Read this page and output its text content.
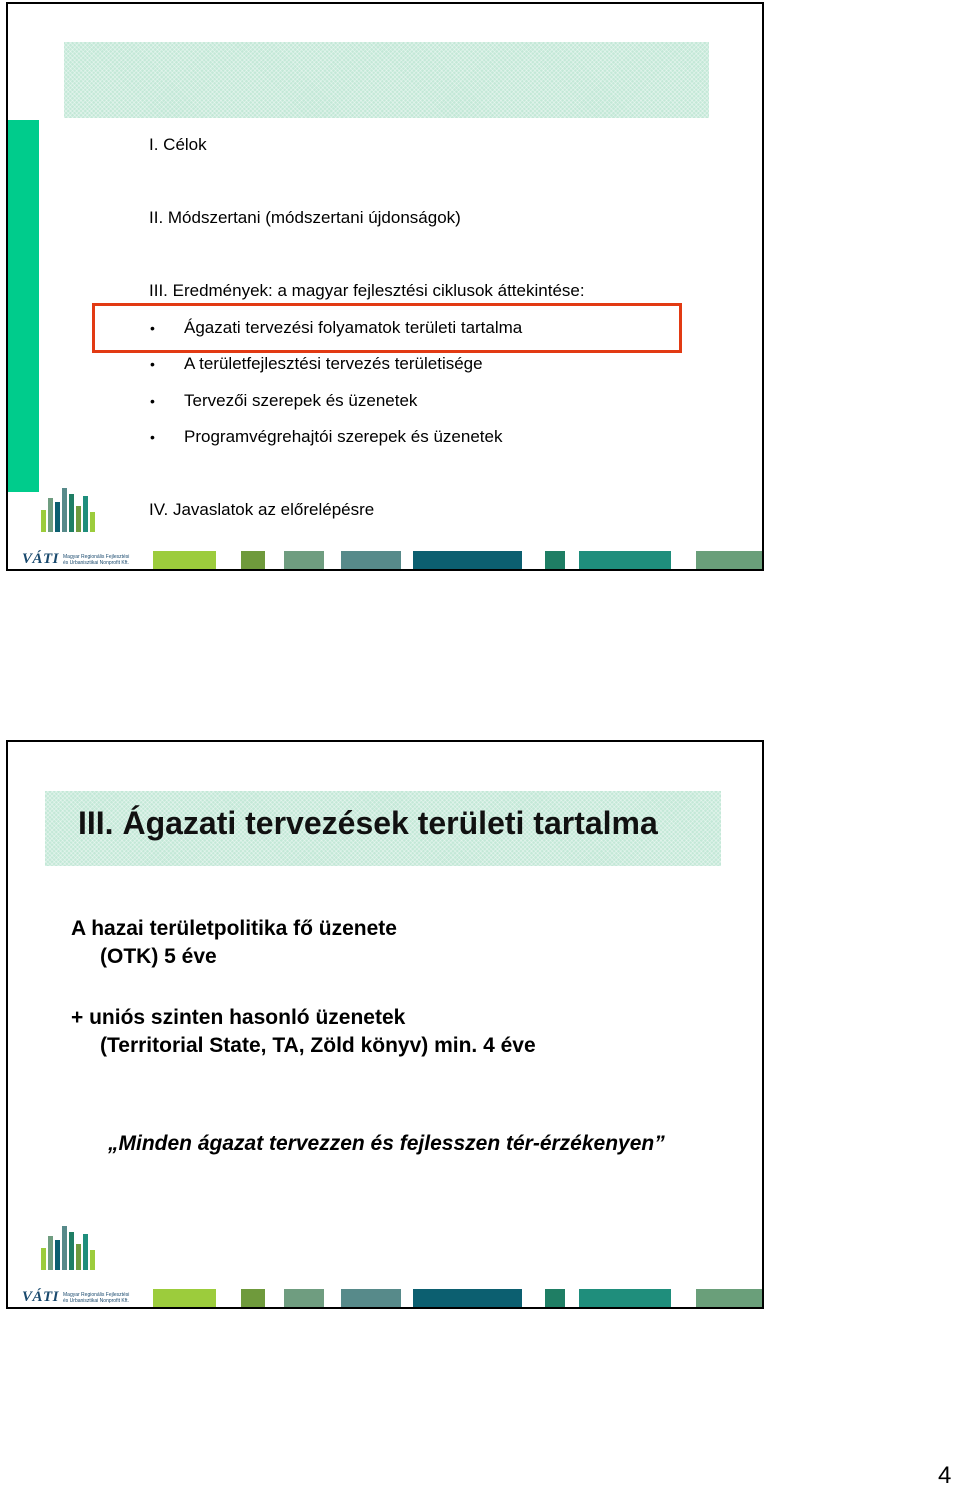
I. Célok
II. Módszertani (módszertani újdonságok)
III. Eredmények: a magyar fejlesztési ciklusok áttekintése:
• Ágazati tervezési folyamatok területi tartalma
• A területfejlesztési tervezés területisége
• Tervezői szerepek és üzenetek
• Programvégrehajtói szerepek és üzenetek
IV. Javaslatok az előrelépésre
VÁTI Magyar Regionális Fejlesztési
és Urbanisztikai Nonprofit Kft.
III. Ágazati tervezések területi tartalma
A hazai területpolitika fő üzenete
(OTK) 5 éve
+ uniós szinten hasonló üzenetek
(Territorial State, TA, Zöld könyv) min. 4 éve
„Minden ágazat tervezzen és fejlesszen tér-érzékenyen”
VÁTI Magyar Regionális Fejlesztési
és Urbanisztikai Nonprofit Kft.
4
